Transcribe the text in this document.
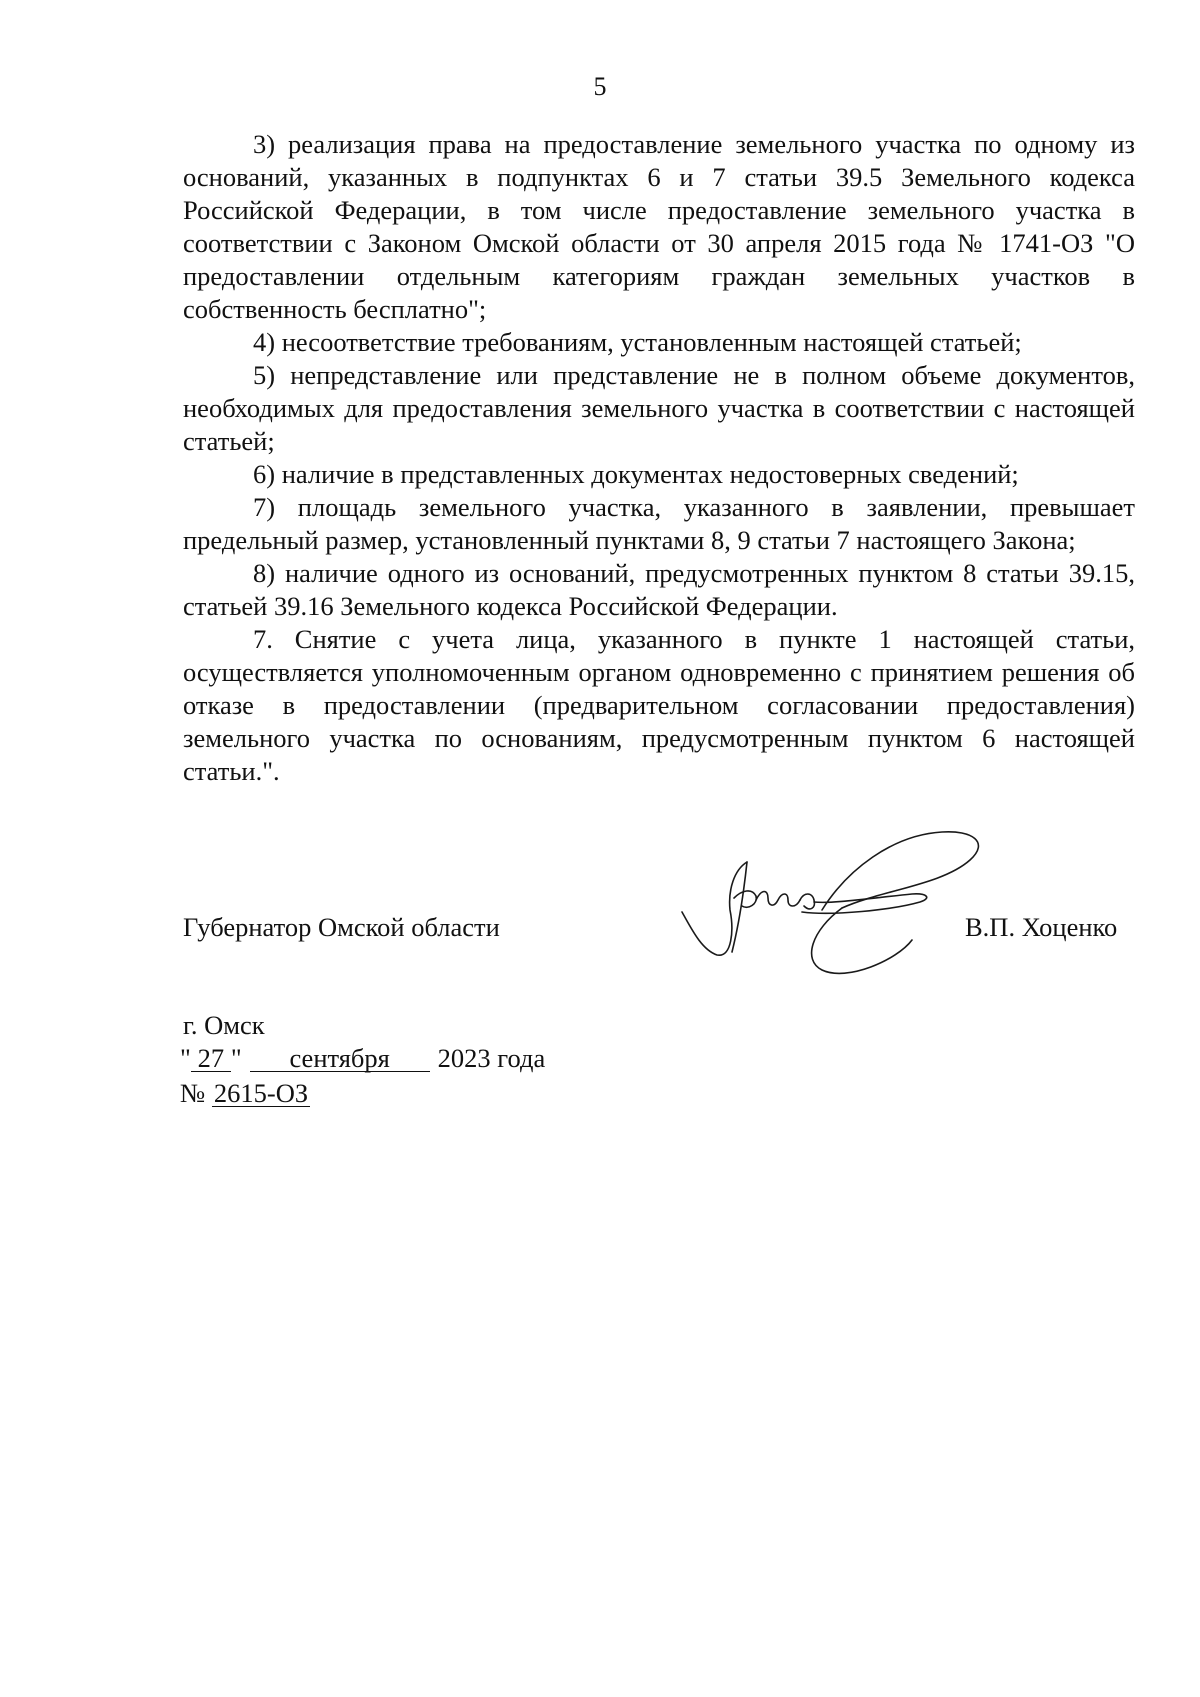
5

3) реализация права на предоставление земельного участка по одному из оснований, указанных в подпунктах 6 и 7 статьи 39.5 Земельного кодекса Российской Федерации, в том числе предоставление земельного участка в соответствии с Законом Омской области от 30 апреля 2015 года № 1741-ОЗ "О предоставлении отдельным категориям граждан земельных участков в собственность бесплатно";

4) несоответствие требованиям, установленным настоящей статьей;

5) непредставление или представление не в полном объеме документов, необходимых для предоставления земельного участка в соответствии с настоящей статьей;

6) наличие в представленных документах недостоверных сведений;

7) площадь земельного участка, указанного в заявлении, превышает предельный размер, установленный пунктами 8, 9 статьи 7 настоящего Закона;

8) наличие одного из оснований, предусмотренных пунктом 8 статьи 39.15, статьей 39.16 Земельного кодекса Российской Федерации.

7. Снятие с учета лица, указанного в пункте 1 настоящей статьи, осуществляется уполномоченным органом одновременно с принятием решения об отказе в предоставлении (предварительном согласовании предоставления) земельного участка по основаниям, предусмотренным пунктом 6 настоящей статьи.".

Губернатор Омской области	В.П. Хоценко
г. Омск
" 27 " сентября 2023 года
№ 2615-ОЗ
